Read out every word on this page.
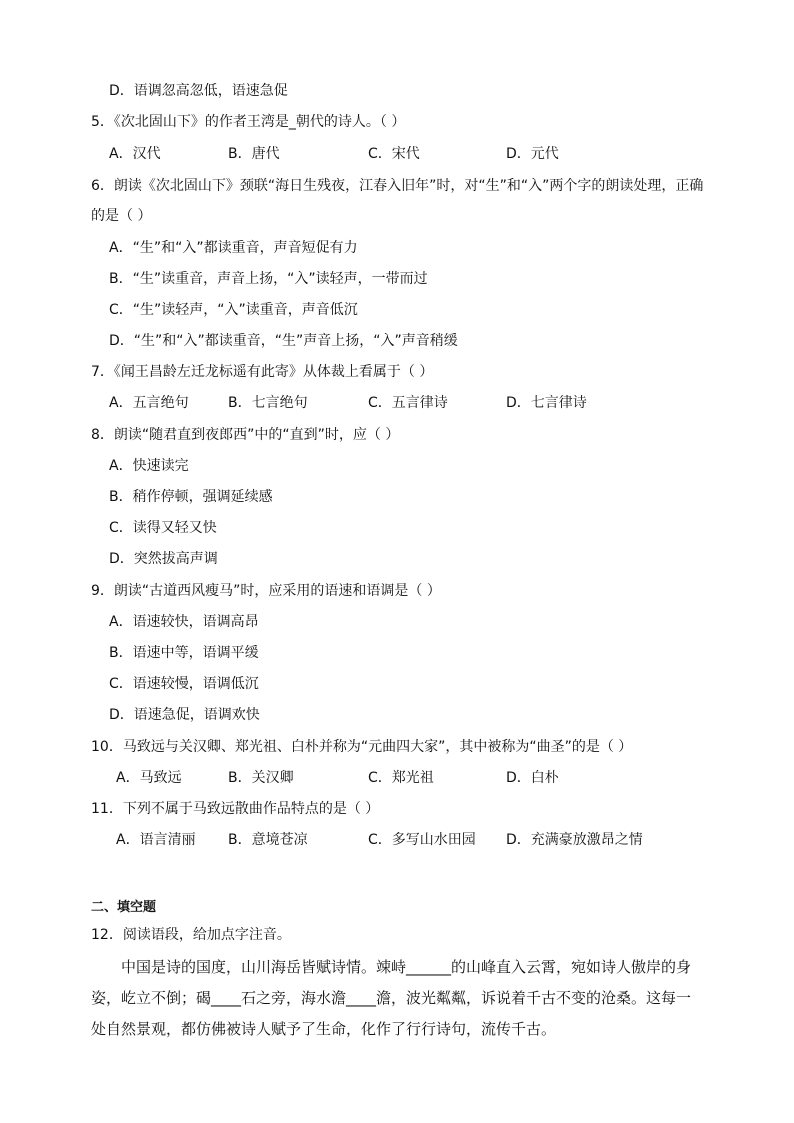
D．语调忽高忽低，语速急促
5．《次北固山下》的作者王湾是_朝代的诗人。（ ）
A．汉代	B．唐代	C．宋代	D．元代
6．朗读《次北固山下》颈联“海日生残夜，江春入旧年”时，对“生”和“入”两个字的朗读处理，正确
的是（ ）
A．“生”和“入”都读重音，声音短促有力
B．“生”读重音，声音上扬，“入”读轻声，一带而过
C．“生”读轻声，“入”读重音，声音低沉
D．“生”和“入”都读重音，“生”声音上扬，“入”声音稍缓
7．《闻王昌龄左迁龙标遥有此寄》从体裁上看属于（ ）
A．五言绝句	B．七言绝句	C．五言律诗	D．七言律诗
8．朗读“随君直到夜郎西”中的“直到”时，应（ ）
A．快速读完
B．稍作停顿，强调延续感
C．读得又轻又快
D．突然拔高声调
9．朗读“古道西风瘦马”时，应采用的语速和语调是（ ）
A．语速较快，语调高昂
B．语速中等，语调平缓
C．语速较慢，语调低沉
D．语速急促，语调欢快
10．马致远与关汉卿、郑光祖、白朴并称为“元曲四大家”，其中被称为“曲圣”的是（ ）
A．马致远	B．关汉卿	C．郑光祖	D．白朴
11．下列不属于马致远散曲作品特点的是（ ）
A．语言清丽 B．意境苍凉	C．多写山水田园 D．充满豪放激昂之情
二、填空题
12．阅读语段，给加点字注音。
中国是诗的国度，山川海岳皆赋诗情。竦峙______的山峰直入云霄，宛如诗人傲岸的身姿，屹立不倒；碣____石之旁，海水澹____澹，波光粼粼，诉说着千古不变的沧桑。这每一处自然景观，都仿佛被诗人赋予了生命，化作了行行诗句，流传千古。
